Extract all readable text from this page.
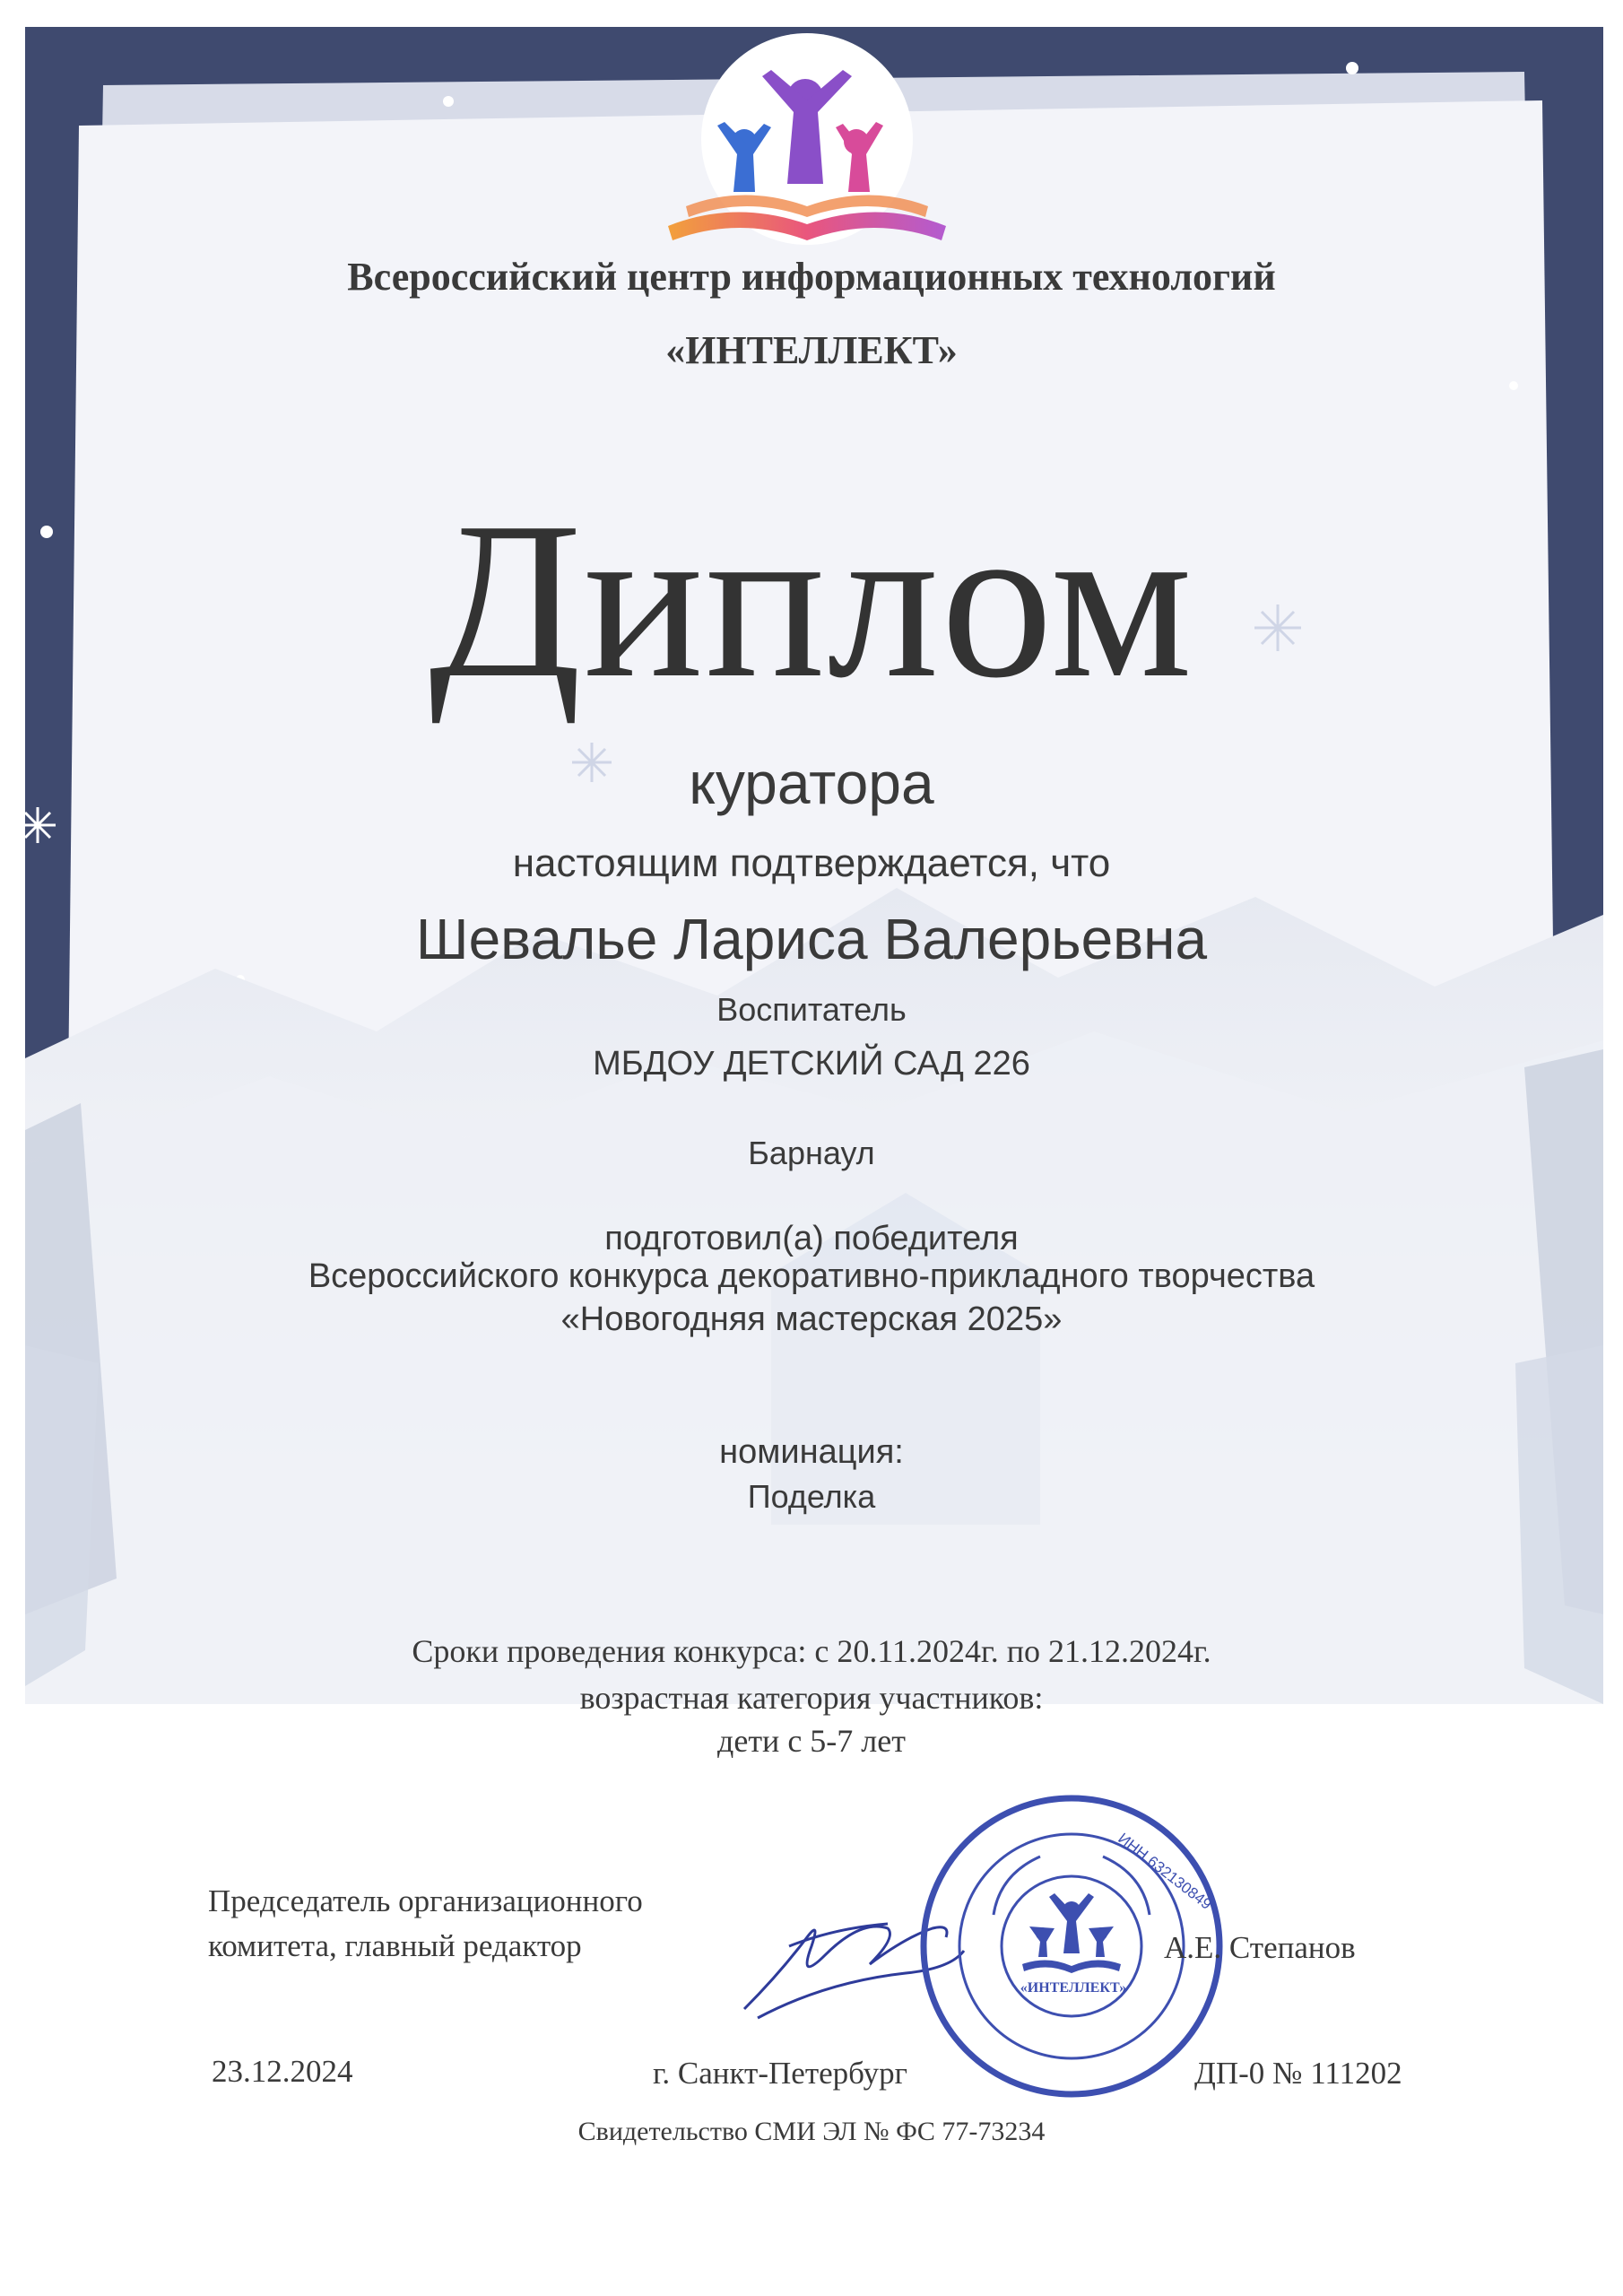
«ИНТЕЛЛЕКТ»
ИНН 632130849

Всероссийский центр информационных технологий

«ИНТЕЛЛЕКТ»

Диплом

куратора

настоящим подтверждается, что

Шевалье Лариса Валерьевна

Воспитатель

МБДОУ ДЕТСКИЙ САД 226

Барнаул

подготовил(а) победителя

Всероссийского конкурса декоративно-прикладного творчества

«Новогодняя мастерская 2025»

номинация:

Поделка

Сроки проведения конкурса: с 20.11.2024г. по 21.12.2024г.

возрастная категория участников:

дети с 5-7 лет

Председатель организационного
комитета, главный редактор	А.Е. Степанов
23.12.2024	г. Санкт-Петербург	ДП-0 № 111202

Свидетельство СМИ ЭЛ № ФС 77-73234
